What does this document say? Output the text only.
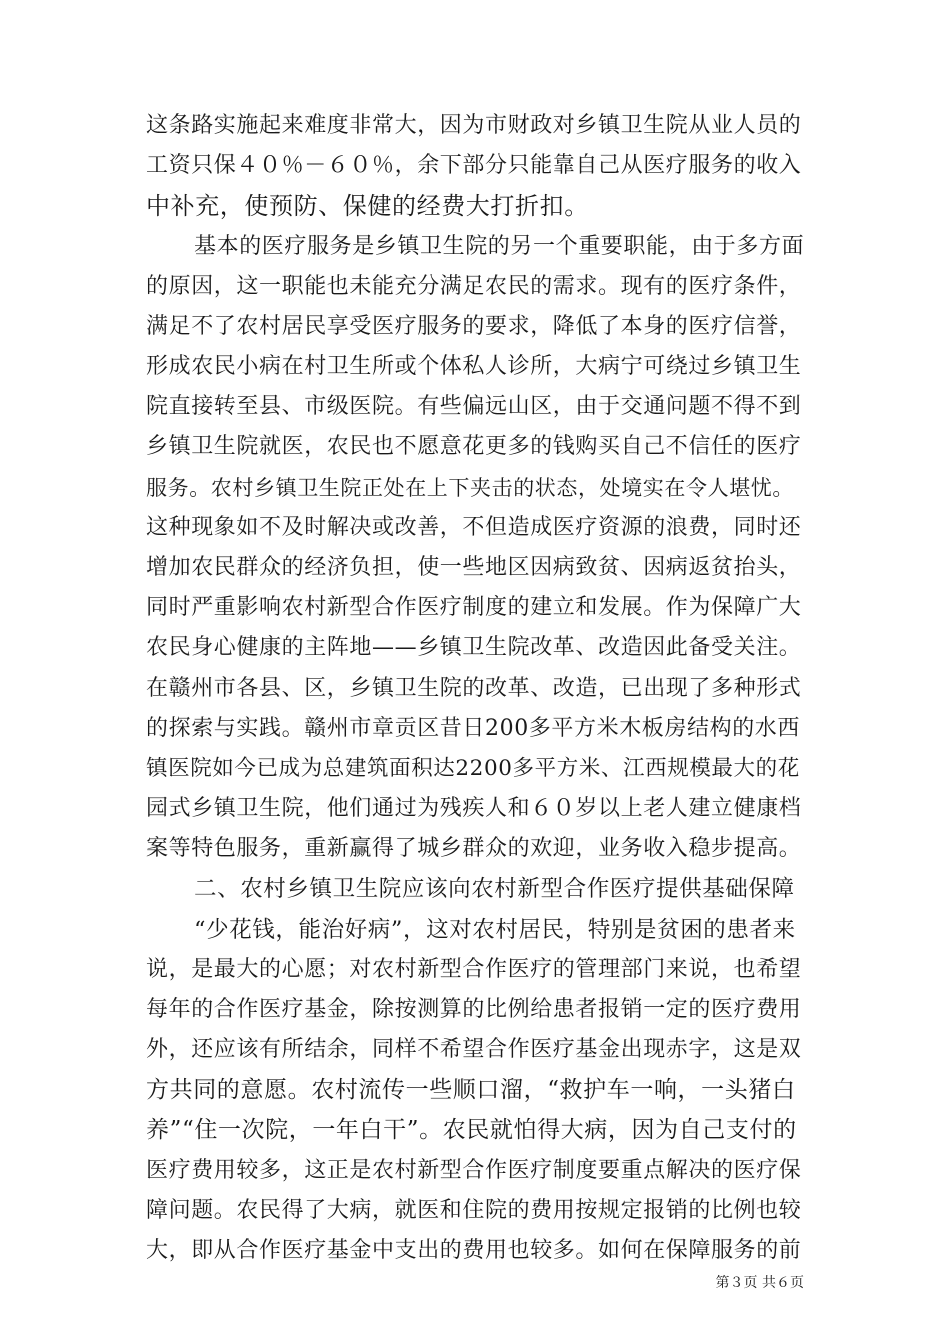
这条路实施起来难度非常大，因为市财政对乡镇卫生院从业人员的
工资只保４０％－６０％，余下部分只能靠自己从医疗服务的收入
中补充，使预防、保健的经费大打折扣。
基本的医疗服务是乡镇卫生院的另一个重要职能，由于多方面
的原因，这一职能也未能充分满足农民的需求。现有的医疗条件，
满足不了农村居民享受医疗服务的要求，降低了本身的医疗信誉，
形成农民小病在村卫生所或个体私人诊所，大病宁可绕过乡镇卫生
院直接转至县、市级医院。有些偏远山区，由于交通问题不得不到
乡镇卫生院就医，农民也不愿意花更多的钱购买自己不信任的医疗
服务。农村乡镇卫生院正处在上下夹击的状态，处境实在令人堪忧。
这种现象如不及时解决或改善，不但造成医疗资源的浪费，同时还
增加农民群众的经济负担，使一些地区因病致贫、因病返贫抬头，
同时严重影响农村新型合作医疗制度的建立和发展。作为保障广大
农民身心健康的主阵地——乡镇卫生院改革、改造因此备受关注。
在赣州市各县、区，乡镇卫生院的改革、改造，已出现了多种形式
的探索与实践。赣州市章贡区昔日200多平方米木板房结构的水西
镇医院如今已成为总建筑面积达2200多平方米、江西规模最大的花
园式乡镇卫生院，他们通过为残疾人和６０岁以上老人建立健康档
案等特色服务，重新赢得了城乡群众的欢迎，业务收入稳步提高。
二、农村乡镇卫生院应该向农村新型合作医疗提供基础保障
“少花钱，能治好病”，这对农村居民，特别是贫困的患者来
说，是最大的心愿；对农村新型合作医疗的管理部门来说，也希望
每年的合作医疗基金，除按测算的比例给患者报销一定的医疗费用
外，还应该有所结余，同样不希望合作医疗基金出现赤字，这是双
方共同的意愿。农村流传一些顺口溜，“救护车一响，一头猪白
养”“住一次院，一年白干”。农民就怕得大病，因为自己支付的
医疗费用较多，这正是农村新型合作医疗制度要重点解决的医疗保
障问题。农民得了大病，就医和住院的费用按规定报销的比例也较
大，即从合作医疗基金中支出的费用也较多。如何在保障服务的前
第３页 共６页
